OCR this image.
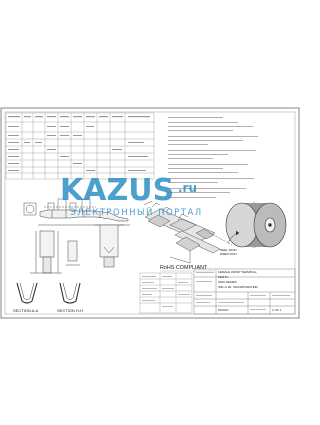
REEL WIND
DIRECTION
RoHS COMPLIANT
SECTION A-A	SECTION H-H
FEMALE CRIMP TERMINAL,
MINI M.
HMN SERIES
(MIL-A JR. INCORPORATED)
MOLEX	1 OF 1
KAZUS .ru
ЭЛЕКТРОННЫЙ ПОРТАЛ
